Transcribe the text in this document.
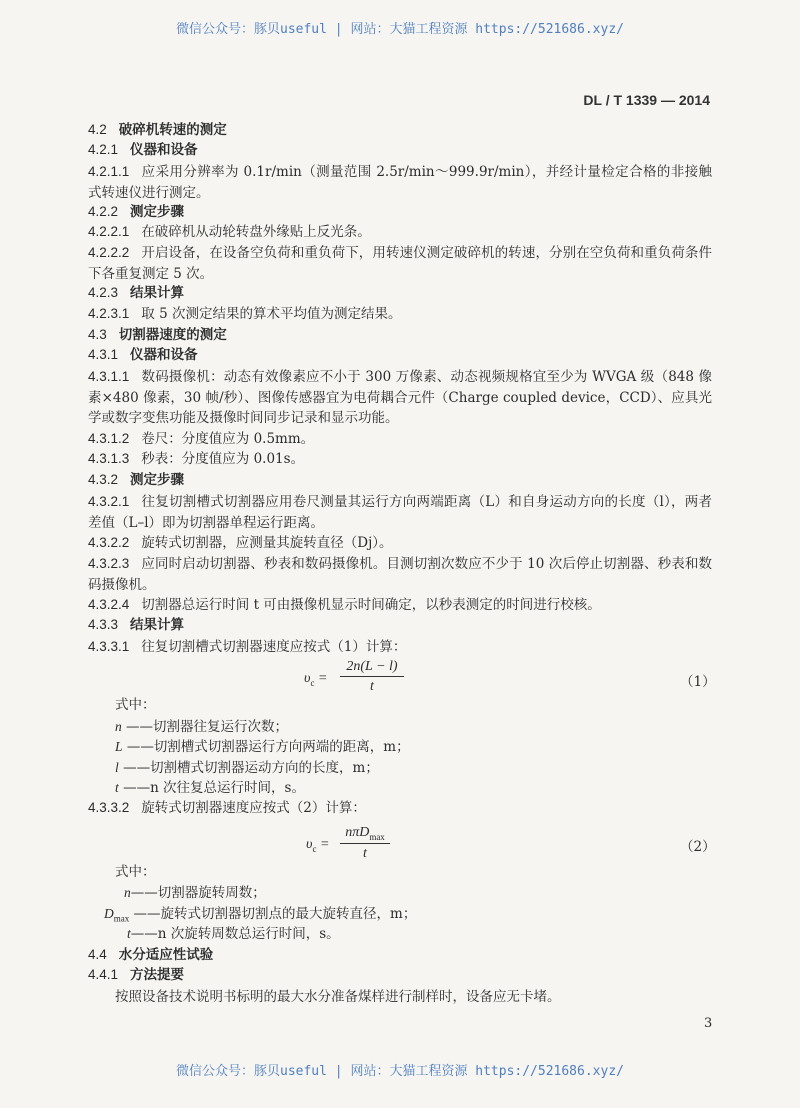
微信公众号：豚贝useful | 网站：大猫工程资源 https://521686.xyz/
DL / T 1339 — 2014
4.2 破碎机转速的测定
4.2.1 仪器和设备
4.2.1.1 应采用分辨率为 0.1r/min（测量范围 2.5r/min～999.9r/min），并经计量检定合格的非接触式转速仪进行测定。
4.2.2 测定步骤
4.2.2.1 在破碎机从动轮转盘外缘贴上反光条。
4.2.2.2 开启设备，在设备空负荷和重负荷下，用转速仪测定破碎机的转速，分别在空负荷和重负荷条件下各重复测定 5 次。
4.2.3 结果计算
4.2.3.1 取 5 次测定结果的算术平均值为测定结果。
4.3 切割器速度的测定
4.3.1 仪器和设备
4.3.1.1 数码摄像机：动态有效像素应不小于 300 万像素、动态视频规格宜至少为 WVGA 级（848 像素×480 像素，30 帧/秒）、图像传感器宜为电荷耦合元件（Charge coupled device，CCD）、应具光学或数字变焦功能及摄像时间同步记录和显示功能。
4.3.1.2 卷尺：分度值应为 0.5mm。
4.3.1.3 秒表：分度值应为 0.01s。
4.3.2 测定步骤
4.3.2.1 往复切割槽式切割器应用卷尺测量其运行方向两端距离（L）和自身运动方向的长度（l），两者差值（L–l）即为切割器单程运行距离。
4.3.2.2 旋转式切割器，应测量其旋转直径（Dj）。
4.3.2.3 应同时启动切割器、秒表和数码摄像机。目测切割次数应不少于 10 次后停止切割器、秒表和数码摄像机。
4.3.2.4 切割器总运行时间 t 可由摄像机显示时间确定，以秒表测定的时间进行校核。
4.3.3 结果计算
4.3.3.1 往复切割槽式切割器速度应按式（1）计算：
$\upsilon_c = \frac{2n(L - l)}{t}$	（1）
式中：
n ——切割器往复运行次数；
L ——切割槽式切割器运行方向两端的距离，m；
l ——切割槽式切割器运动方向的长度，m；
t ——n 次往复总运行时间，s。
4.3.3.2 旋转式切割器速度应按式（2）计算：
$\upsilon_c$ =
nπD$_{max}$
t	（2）
式中：
n——切割器旋转周数；
$D_{max}$ ——旋转式切割器切割点的最大旋转直径，m；
t——n 次旋转周数总运行时间，s。
4.4 水分适应性试验
4.4.1 方法提要
按照设备技术说明书标明的最大水分准备煤样进行制样时，设备应无卡堵。
3
微信公众号：豚贝useful | 网站：大猫工程资源 https://521686.xyz/
